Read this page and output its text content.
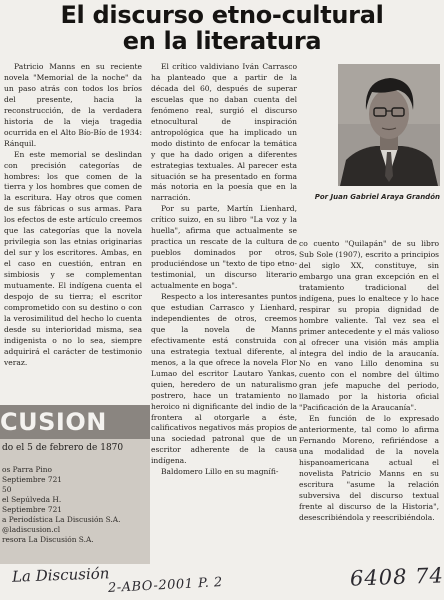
El discurso etno-cultural
en la literatura

Patricio Manns en su reciente novela "Memorial de la noche" da un paso atrás con todos los bríos del presente, hacia la reconstrucción, de la verdadera historia de la vieja tragedia ocurrida en el Alto Bío-Bío de 1934: Ránquil.

En este memorial se deslindan con precisión categorías de hombres: los que comen de la tierra y los hombres que comen de la escritura. Hay otros que comen de sus fábricas o sus armas. Para los efectos de este artículo creemos que las categorías que la novela privilegia son las etnias originarias del sur y los escritores. Ambas, en el caso en cuestión, entran en simbiosis y se complementan mutuamente. El indígena cuenta el despojo de su tierra; el escritor comprometido con su destino o con la verosimilitud del hecho lo cuenta desde su interioridad misma, sea indigenista o no lo sea, siempre adquirirá el carácter de testimonio veraz.

El crítico valdiviano Iván Carrasco ha planteado que a partir de la década del 60, después de superar escuelas que no daban cuenta del fenómeno real, surgió el discurso etnocultural de inspiración antropológica que ha implicado un modo distinto de enfocar la temática y que ha dado origen a diferentes estrategias textuales. Al parecer esta situación se ha presentado en forma más notoria en la poesía que en la narración.

Por su parte, Martín Lienhard, crítico suizo, en su libro "La voz y la huella", afirma que actualmente se practica un rescate de la cultura de pueblos dominados por otros, produciéndose un "texto de tipo etno-testimonial, un discurso literario actualmente en boga".

Respecto a los interesantes puntos que estudian Carrasco y Lienhard, independientes de otros, creemos que la novela de Manns efectivamente está construida con una estrategia textual diferente, al menos, a la que ofrece la novela Flor Lumao del escritor Lautaro Yankas, quien, heredero de un naturalismo postrero, hace un tratamiento no heroico ni dignificante del indio de la frontera al otorgarle a éste, calificativos negativos más propios de una sociedad patronal que de un escritor adherente de la causa indígena.

Baldomero Lillo en su magnífi-

Por Juan Gabriel Araya Grandón

co cuento "Quilapán" de su libro Sub Sole (1907), escrito a principios del siglo XX, constituye, sin embargo una gran excepción en el tratamiento tradicional del indígena, pues lo enaltece y lo hace respirar su propia dignidad de hombre valiente. Tal vez sea el primer antecedente y el más valioso al ofrecer una visión más amplia íntegra del indio de la araucanía. No en vano Lillo denomina su cuento con el nombre del último gran jefe mapuche del periodo, llamado por la historia oficial "Pacificación de la Araucanía".

En función de lo expresado anteriormente, tal como lo afirma Fernando Moreno, refiriéndose a una modalidad de la novela hispanoamericana actual el novelista Patricio Manns en su escritura "asume la relación subversiva del discurso textual frente al discurso de la Historia", desescribiéndola y reescribiéndola.

CUSION
do el 5 de febrero de 1870
os Parra Pino
Septiembre 721
50
el Sepúlveda H.
Septiembre 721
a Periodística La Discusión S.A.
@ladiscusion.cl
resora La Discusión S.A.
La Discusión
2-ABO-2001 P. 2	6408 74
